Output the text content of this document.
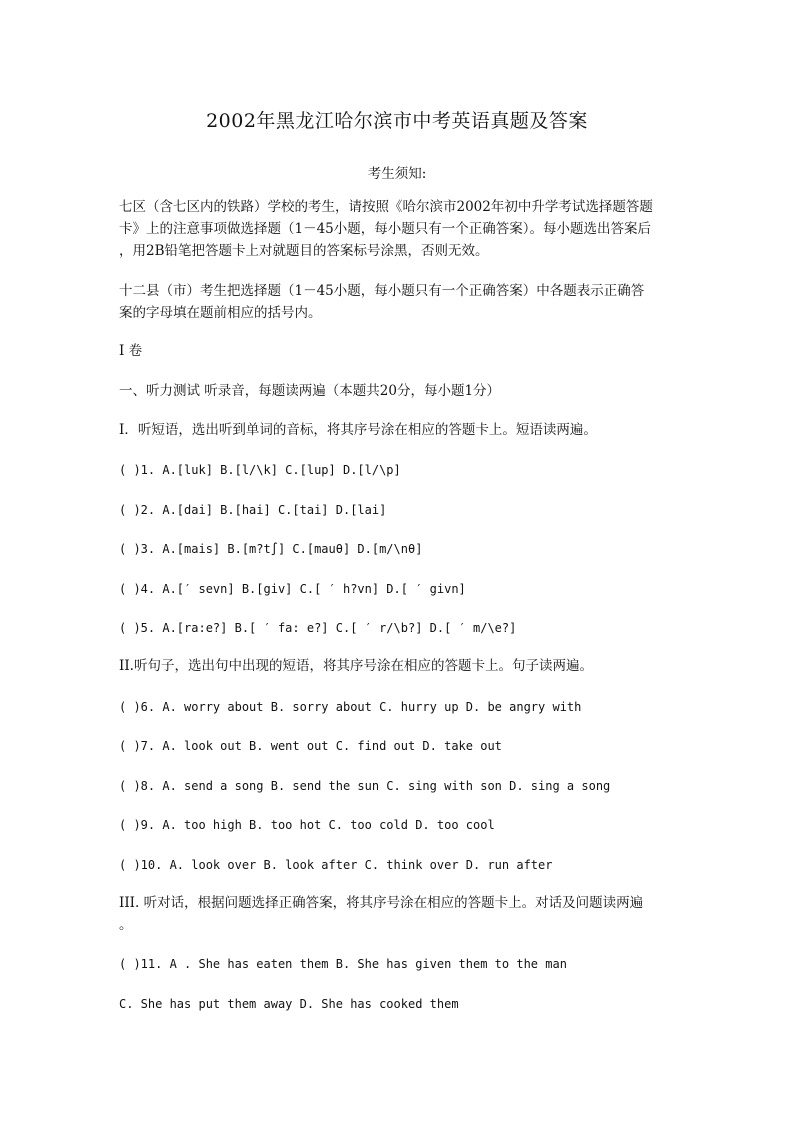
2002年黑龙江哈尔滨市中考英语真题及答案
考生须知:
七区（含七区内的铁路）学校的考生，请按照《哈尔滨市2002年初中升学考试选择题答题
卡》上的注意事项做选择题（1－45小题，每小题只有一个正确答案）。每小题选出答案后
，用2B铅笔把答题卡上对就题目的答案标号涂黑，否则无效。
十二县（市）考生把选择题（1－45小题，每小题只有一个正确答案）中各题表示正确答
案的字母填在题前相应的括号内。
I 卷
一、听力测试 听录音，每题读两遍（本题共20分，每小题1分）
I．听短语，选出听到单词的音标，将其序号涂在相应的答题卡上。短语读两遍。
( )1. A.[luk] B.[l/\k] C.[lup] D.[l/\p]
( )2. A.[dai] B.[hai] C.[tai] D.[lai]
( )3. A.[mais] B.[m?t∫] C.[mauθ] D.[m/\nθ]
( )4. A.[′ sevn] B.[giv] C.[ ′ h?vn] D.[ ′ givn]
( )5. A.[ra:e?] B.[ ′ fa: e?] C.[ ′ r/\b?] D.[ ′ m/\e?]
II.听句子，选出句中出现的短语，将其序号涂在相应的答题卡上。句子读两遍。
( )6. A. worry about B. sorry about C. hurry up D. be angry with
( )7. A. look out B. went out C. find out D. take out
( )8. A. send a song B. send the sun C. sing with son D. sing a song
( )9. A. too high B. too hot C. too cold D. too cool
( )10. A. look over B. look after C. think over D. run after
III. 听对话，根据问题选择正确答案，将其序号涂在相应的答题卡上。对话及问题读两遍
。
( )11. A . She has eaten them B. She has given them to the man
C. She has put them away D. She has cooked them
